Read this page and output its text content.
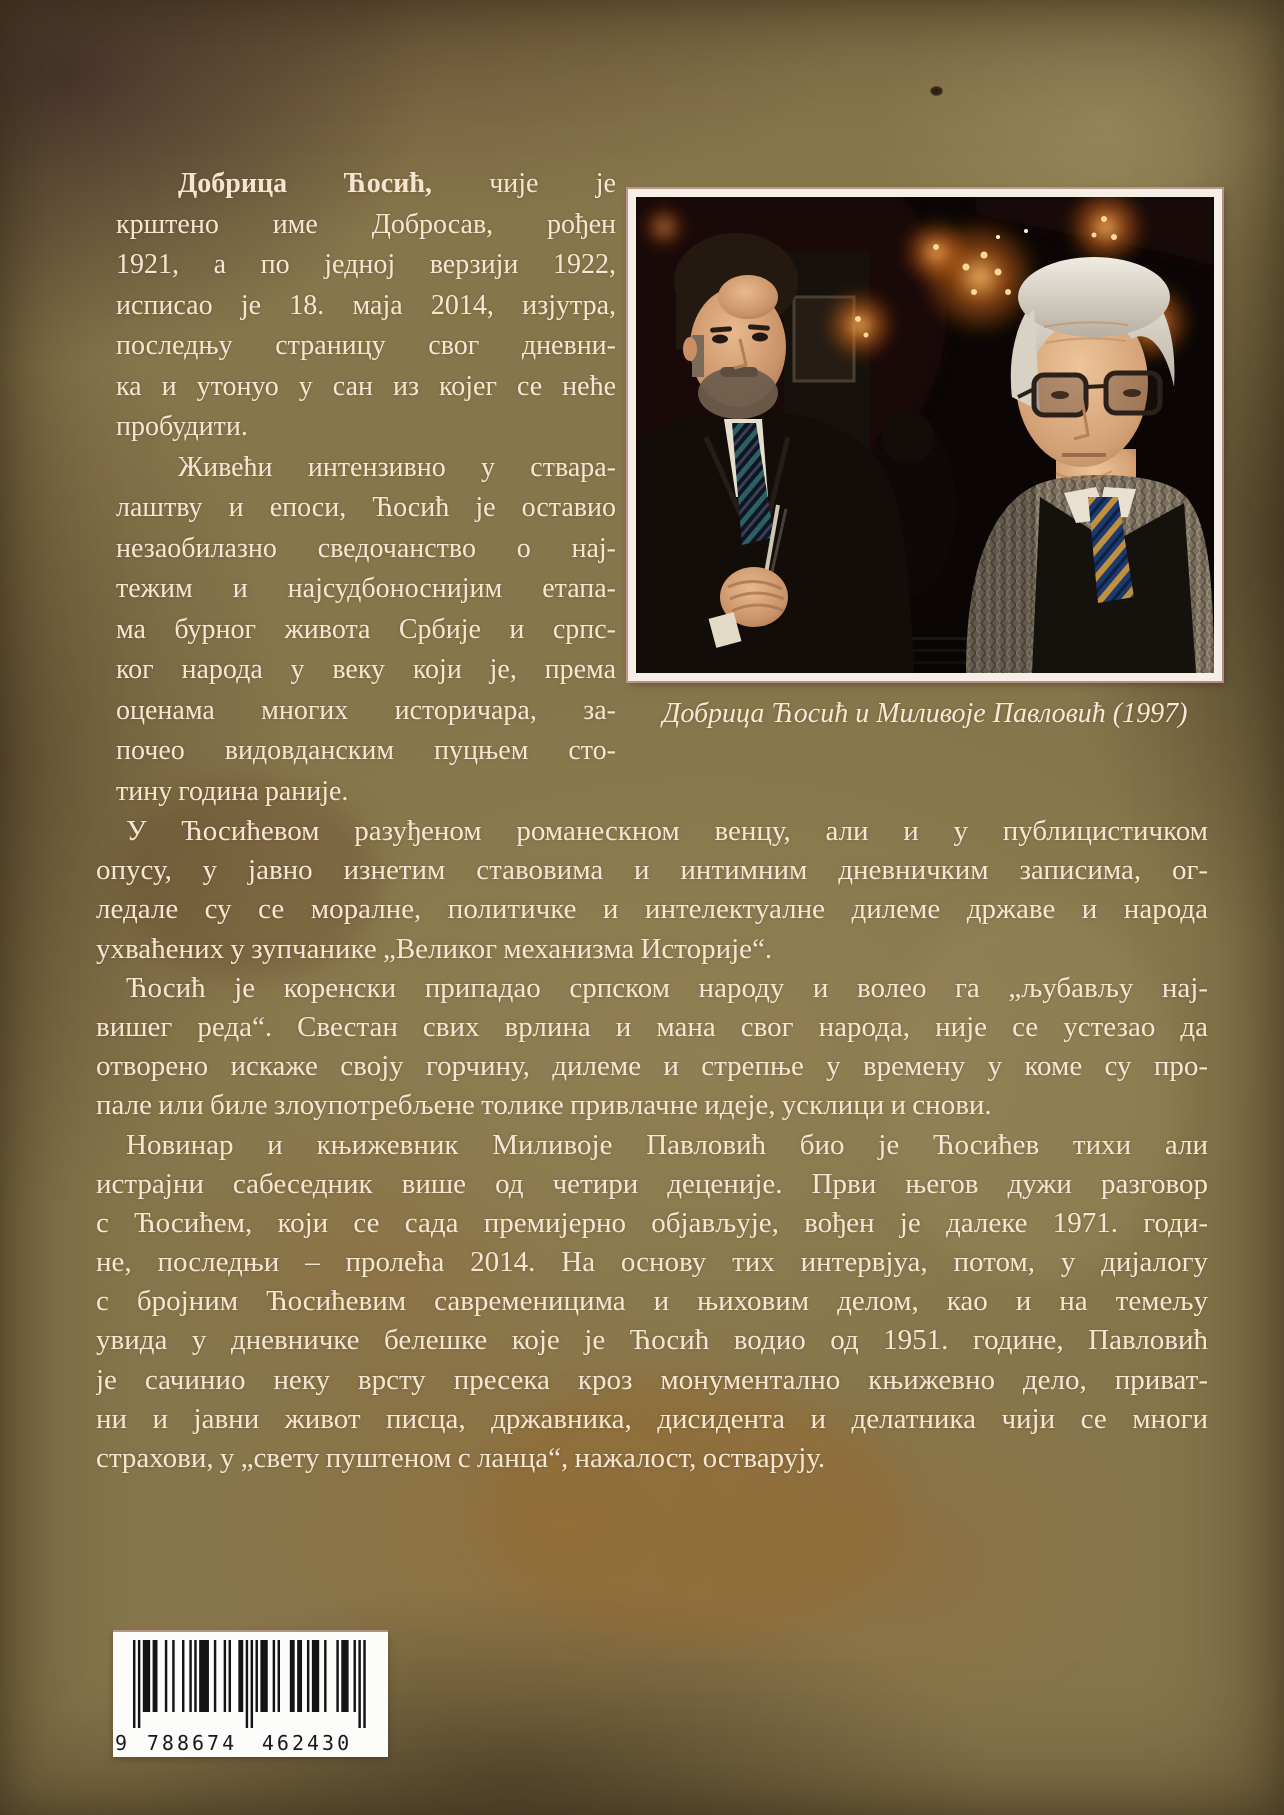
Добрица Ћосић, чије је
крштено име Добросав, рођен
1921, а по једној верзији 1922,
исписао је 18. маја 2014, изјутра,
последњу страницу свог дневни-
ка и утонуо у сан из којег се неће
пробудити.
Живећи интензивно у ствара-
лаштву и епоси, Ћосић је оставио
незаобилазно сведочанство о нај-
тежим и најсудбоноснијим етапа-
ма бурног живота Србије и српс-
ког народа у веку који је, према
оценама многих историчара, за-
почео видовданским пуцњем сто-
тину година раније.
Добрица Ћосић и Миливоје Павловић (1997)
У Ћосићевом разуђеном романескном венцу, али и у публицистичком
опусу, у јавно изнетим ставовима и интимним дневничким записима, ог-
ледале су се моралне, политичке и интелектуалне дилеме државе и народа
ухваћених у зупчанике „Великог механизма Историје“.
Ћосић је коренски припадао српском народу и волео га „љубављу нај-
вишег реда“. Свестан свих врлина и мана свог народа, није се устезао да
отворено искаже своју горчину, дилеме и стрепње у времену у коме су про-
пале или биле злоупотребљене толике привлачне идеје, усклици и снови.
Новинар и књижевник Миливоје Павловић био је Ћосићев тихи али
истрајни сабеседник више од четири деценије. Први његов дужи разговор
с Ћосићем, који се сада премијерно објављује, вођен је далеке 1971. годи-
не, последњи – пролећа 2014. На основу тих интервјуа, потом, у дијалогу
с бројним Ћосићевим савременицима и њиховим делом, као и на темељу
увида у дневничке белешке које је Ћосић водио од 1951. године, Павловић
је сачинио неку врсту пресека кроз монументално књижевно дело, приват-
ни и јавни живот писца, државника, дисидента и делатника чији се многи
страхови, у „свету пуштеном с ланца“, нажалост, остварују.
9 788674 462430
